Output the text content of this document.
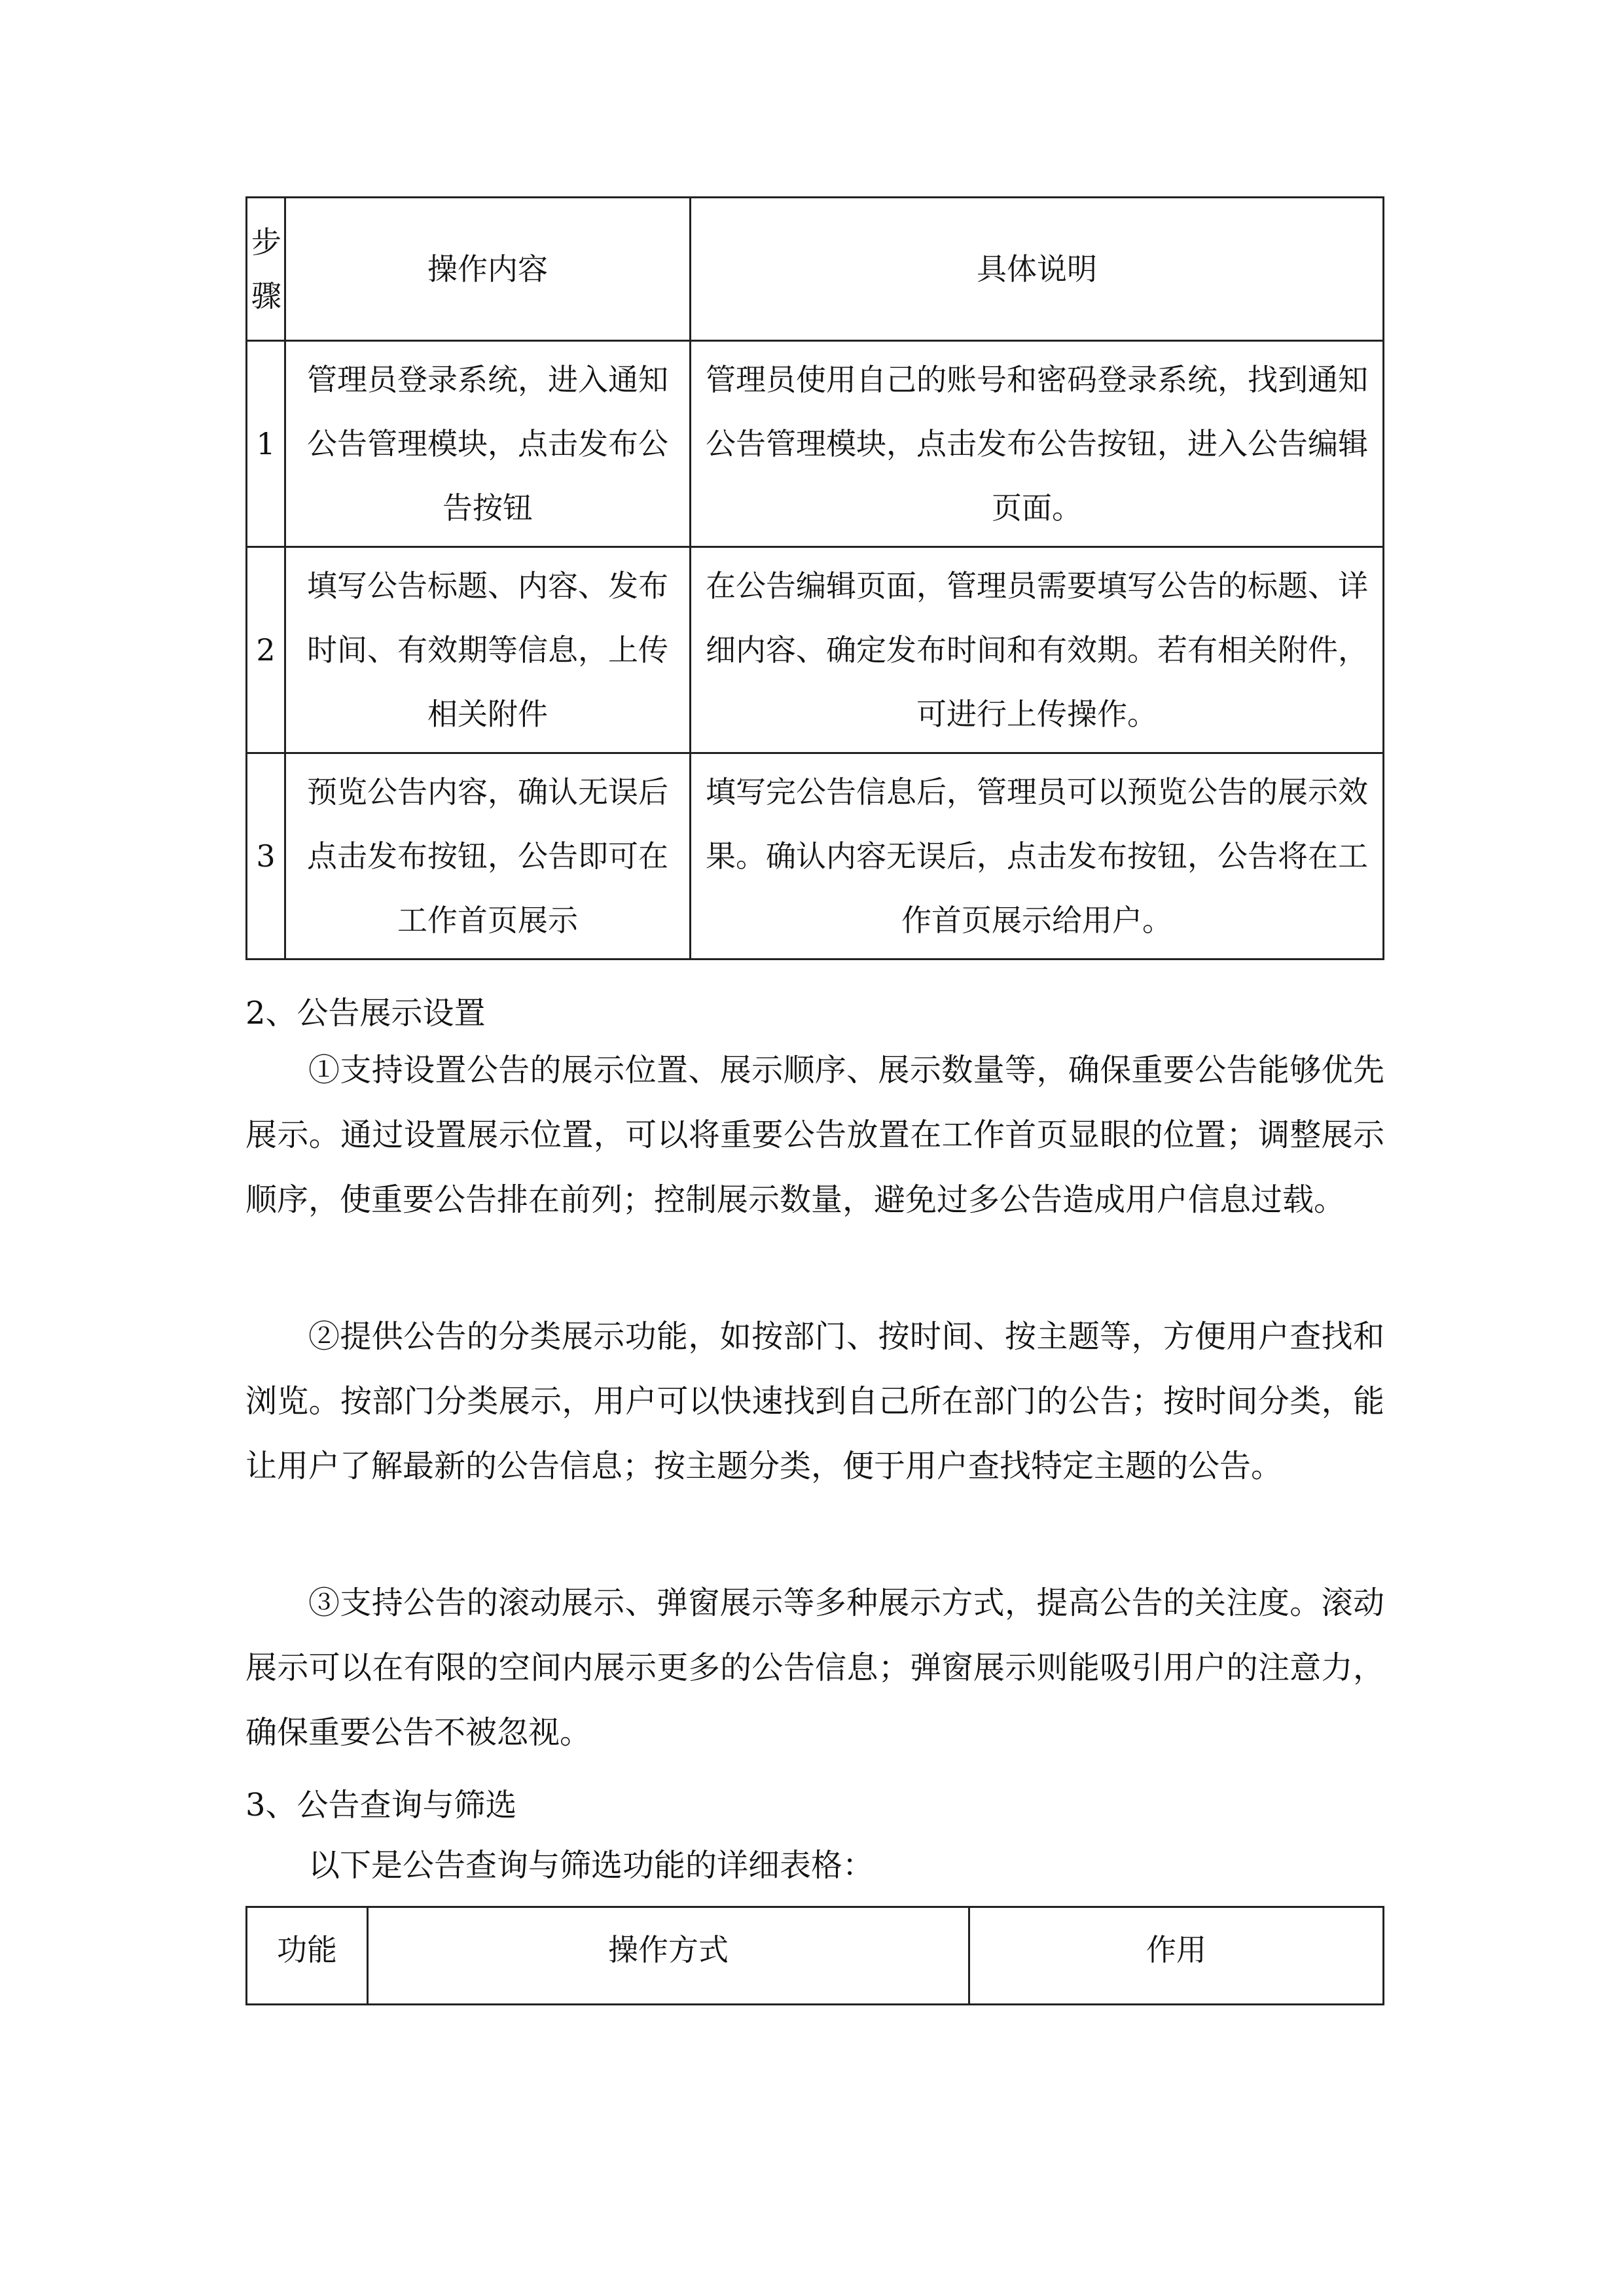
步骤	操作内容	具体说明
1	管理员登录系统，进入通知公告管理模块，点击发布公告按钮	管理员使用自己的账号和密码登录系统，找到通知公告管理模块，点击发布公告按钮，进入公告编辑页面。
2	填写公告标题、内容、发布时间、有效期等信息，上传相关附件	在公告编辑页面，管理员需要填写公告的标题、详细内容、确定发布时间和有效期。若有相关附件，可进行上传操作。
3	预览公告内容，确认无误后点击发布按钮，公告即可在工作首页展示	填写完公告信息后，管理员可以预览公告的展示效果。确认内容无误后，点击发布按钮，公告将在工作首页展示给用户。
2、公告展示设置

①支持设置公告的展示位置、展示顺序、展示数量等，确保重要公告能够优先展示。通过设置展示位置，可以将重要公告放置在工作首页显眼的位置；调整展示顺序，使重要公告排在前列；控制展示数量，避免过多公告造成用户信息过载。

②提供公告的分类展示功能，如按部门、按时间、按主题等，方便用户查找和浏览。按部门分类展示，用户可以快速找到自己所在部门的公告；按时间分类，能让用户了解最新的公告信息；按主题分类，便于用户查找特定主题的公告。

③支持公告的滚动展示、弹窗展示等多种展示方式，提高公告的关注度。滚动展示可以在有限的空间内展示更多的公告信息；弹窗展示则能吸引用户的注意力，确保重要公告不被忽视。

3、公告查询与筛选
以下是公告查询与筛选功能的详细表格：
功能	操作方式	作用
